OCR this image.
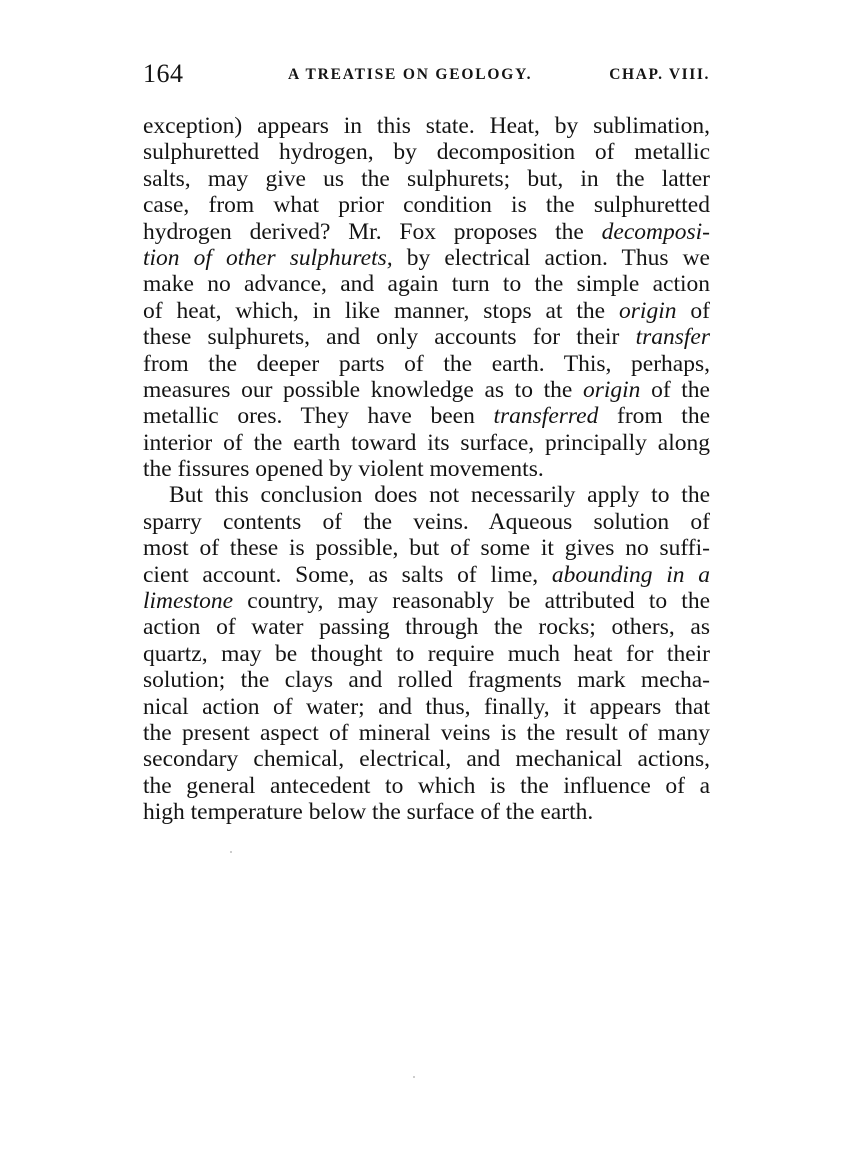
164	A TREATISE ON GEOLOGY.	CHAP. VIII.
exception) appears in this state. Heat, by sublimation,
sulphuretted hydrogen, by decomposition of metallic
salts, may give us the sulphurets; but, in the latter
case, from what prior condition is the sulphuretted
hydrogen derived? Mr. Fox proposes the decomposi-
tion of other sulphurets, by electrical action. Thus we
make no advance, and again turn to the simple action
of heat, which, in like manner, stops at the origin of
these sulphurets, and only accounts for their transfer
from the deeper parts of the earth. This, perhaps,
measures our possible knowledge as to the origin of the
metallic ores. They have been transferred from the
interior of the earth toward its surface, principally along
the fissures opened by violent movements.
But this conclusion does not necessarily apply to the
sparry contents of the veins. Aqueous solution of
most of these is possible, but of some it gives no suffi-
cient account. Some, as salts of lime, abounding in a
limestone country, may reasonably be attributed to the
action of water passing through the rocks; others, as
quartz, may be thought to require much heat for their
solution; the clays and rolled fragments mark mecha-
nical action of water; and thus, finally, it appears that
the present aspect of mineral veins is the result of many
secondary chemical, electrical, and mechanical actions,
the general antecedent to which is the influence of a
high temperature below the surface of the earth.
